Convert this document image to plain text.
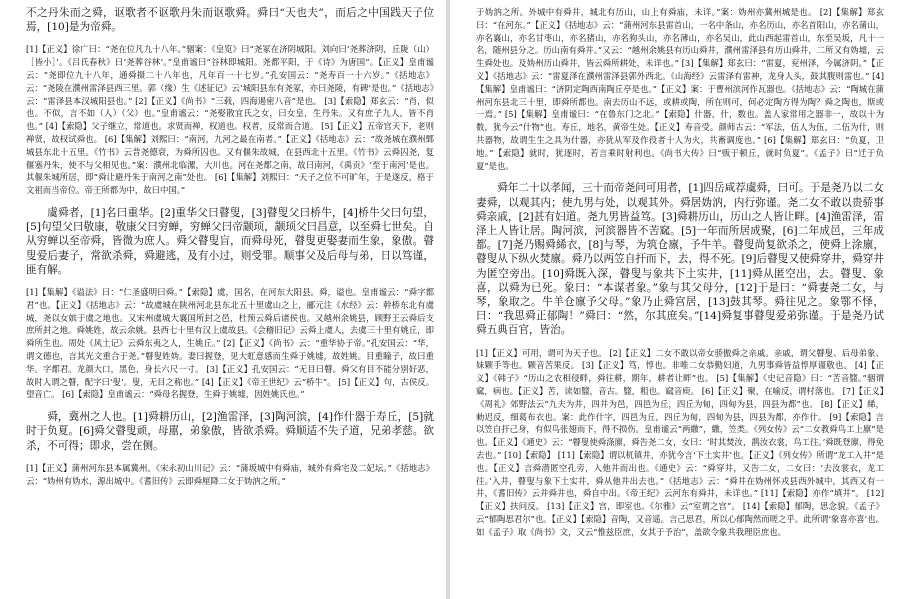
不之丹朱而之舜，讴歌者不讴歌丹朱而讴歌舜。舜曰“天也夫”，而后之中国践天子位焉，[10]是为帝舜。

[1]【正义】徐广曰：“尧在位凡九十八年。”骃案：《皇览》曰“尧冢在济阴城阳。刘向曰‘尧葬济阴，丘陇（山）［皆小］’。《吕氏春秋》曰‘尧葬谷林’。”皇甫谧曰“谷林即城阳。尧都平阳，于《诗》为唐国”。【正义】皇甫谧云：“尧即位九十八年，通舜摄二十八年也，凡年百一十七岁。”孔安国云：“尧寿百一十六岁。”《括地志》云：“尧陵在濮州雷泽县西三里。郭（缘）生《述征记》云‘城阳县东有尧冢，亦曰尧陵，有碑’是也。”《括地志》云：“雷泽县本汉城阳县也。” [2]【正义】《尚书》“三载，四海遏密八音”是也。 [3]【索隐】郑玄云：“肖，似也。不似，言不如（人）（父）也。”皇甫谧云：“尧娶散宜氏之女，曰女皇，生丹朱。又有庶子九人，皆不肖也。” [4]【索隐】父子继立，常道也。求贤而禅，权道也。权者，反常而合道。 [5]【正义】五帝官天下，老则禅贤，故权试舜也。 [6]【集解】刘熙曰：“南河，九河之最在南者。”【正义】《括地志》云：“故尧城在濮州鄄城县东北十五里。《竹书》云昔尧德衰，为舜所囚也。又有偃朱故城，在县西北十五里。《竹书》云舜囚尧，复偃塞丹朱，使不与父相见也。”案：濮州北临漯，大川也。河在尧都之南，故曰南河，《禹贡》‘至于南河’是也。其偃朱城所居，即“舜让避丹朱于南河之南”处也。 [6]【集解】刘熙曰：“天子之位不可旷年，于是遂反，格于文祖而当帝位。帝王所都为中，故曰中国。”

虞舜者，[1]名曰重华。[2]重华父曰瞽叟，[3]瞽叟父曰桥牛，[4]桥牛父曰句望，[5]句望父曰敬康，敬康父曰穷蝉，穷蝉父曰帝颛顼，颛顼父曰昌意，以至舜七世矣。自从穷蝉以至帝舜，皆微为庶人。舜父瞽叟盲，而舜母死，瞽叟更娶妻而生象，象傲。瞽叟爱后妻子，常欲杀舜，舜避逃，及有小过，则受罪。顺事父及后母与弟，日以笃谨，匪有解。

[1]【集解】《谥法》曰：“仁圣盛明曰舜。”【索隐】虞，国名，在河东大阳县。舜，谥也。皇甫谧云：“舜字都君”也。【正义】《括地志》云：“故虞城在陕州河北县东北五十里虞山之上，郦元注《水经》云：幹桥东北有虞城，尧以女嫔于虞之地也。又宋州虞城大襄国所封之邑，杜预云舜后诸侯也。又越州余姚县，顾野王云舜后支庶所封之地。舜姚姓，故云余姚。县西七十里有汉上虞故县。《会稽旧记》云舜上虞人，去虞三十里有姚丘，即舜所生也。周处《风土记》云舜东夷之人，生姚丘。” [2]【正义】《尚书》云：“重华协于帝。”孔安国云：“华，谓文德也，言其光文重合于尧。”瞽叟姓妫。妻曰握登，见大虹意感而生舜于姚墟，故姓姚。目重瞳子，故曰重华。字都君。龙颜大口，黑色，身长六尺一寸。 [3]【正义】孔安国云：“无目曰瞽。舜父有目不能分别好恶，故时人谓之瞽，配字曰‘叟’。叟，无目之称也。” [4]【正义】《帝王世纪》云“桥牛”。 [5]【正义】句，古侯反。望音亡。 [6]【索隐】皇甫谧云：“舜母名握登，生舜于姚墟，因姓姚氏也。”

舜，冀州之人也。[1]舜耕历山，[2]渔雷泽，[3]陶河滨，[4]作什器于寿丘，[5]就时于负夏。[6]舜父瞽叟顽，母嚚，弟象傲，皆欲杀舜。舜顺适不失子道，兄弟孝慈。欲杀，不可得；即求，尝在侧。

[1]【正义】蒲州河东县本属冀州。《宋永初山川记》云：“蒲坂城中有舜庙，城外有舜宅及二妃坛。”《括地志》云：“妫州有妫水，源出城中。《耆旧传》云即舜厘降二女于妫汭之所。”

于妫汭之所。外城中有舜井，城北有历山，山上有舜庙，未详。”案：妫州亦冀州城是也。 [2]【集解】郑玄曰：“在河东。”【正义】《括地志》云：“蒲州河东县雷首山，一名中条山，亦名历山，亦名首阳山，亦名蒲山，亦名襄山，亦名甘枣山，亦名猪山，亦名狗头山，亦名薄山，亦名吴山，此山西起雷首山，东至吴坂，凡十一名，随州县分之。历山南有舜井。”又云：“越州余姚县有历山舜井，濮州雷泽县有历山舜井，二所又有妫墟，云生舜处也。及妫州历山舜井，皆云舜所耕处，未详也。” [3]【集解】郑玄曰：“雷夏，兖州泽，今属济阴。”【正义】《括地志》云：“雷夏泽在濮州雷泽县郭外西北。《山海经》云雷泽有雷神，龙身人头，鼓其腹则雷也。” [4]【集解】皇甫谧曰：“济阴定陶西南陶丘亭是也。”【正义】案：于曹州滨河作瓦器也。《括地志》云：“陶城在蒲州河东县北三十里，即舜所都也。南去历山不远，或耕或陶，所在则可，何必定陶方得为陶？舜之陶也，斯或一焉。” [5]【集解】皇甫谧曰：“在鲁东门之北。”【索隐】什器，什，数也。盖人家常用之器非一，故以十为数，犹今云“什物”也。寿丘，地名，黄帝生处。【正义】寿音受。颜师古云：“军法，伍人为伍，二伍为什，则共器物，故谓生生之具为什器，亦犹从军及作役者十人为火，共畜调度也。” [6]【集解】郑玄曰：“负夏，卫地。”【索隐】就时，犹逐时，若言乘时射利也。《尚书大传》曰“贩于顿丘，就时负夏”。《孟子》曰“迁于负夏”是也。

舜年二十以孝闻，三十而帝尧问可用者，[1]四岳咸荐虞舜，曰可。于是尧乃以二女妻舜，以观其内；使九男与处，以观其外。舜居妫汭，内行弥谨。尧二女不敢以贵骄事舜亲戚，[2]甚有妇道。尧九男皆益笃。[3]舜耕历山，历山之人皆让畔。[4]渔雷泽，雷泽上人皆让居。陶河滨，河滨器皆不苦窳。[5]一年而所居成聚，[6]二年成邑，三年成都。[7]尧乃赐舜絺衣，[8]与琴，为筑仓廪，予牛羊。瞽叟尚复欲杀之，使舜上涂廪，瞽叟从下纵火焚廪。舜乃以两笠自扞而下，去，得不死。[9]后瞽叟又使舜穿井，舜穿井为匿空旁出。[10]舜既入深，瞽叟与象共下土实井，[11]舜从匿空出，去。瞽叟、象喜，以舜为已死。象曰：“本谋者象。”象与其父母分，[12]于是曰：“舜妻尧二女，与琴，象取之。牛羊仓廪予父母。”象乃止舜宫居，[13]鼓其琴。舜往见之。象鄂不怿，曰：“我思舜正郁陶！”舜曰：“然，尔其庶矣。”[14]舜复事瞽叟爱弟弥谨。于是尧乃试舜五典百官，皆治。

[1]【正义】可用，谓可为天子也。 [2]【正义】二女不敢以帝女骄傲舜之亲戚。亲戚，谓父瞽叟、后母弟象、妹颗手等也。颗音苦果反。 [3]【正义】笃，惇也。非唯二女恭勤妇道，九男事舜皆益惇厚谨敬也。 [4]【正义】《韩子》“历山之农相侵畔，舜往耕，期年，耕者让畔”也。 [5]【集解】《史记音隐》曰：“苦音盬。”骃谓窳，病也。【正义】苦，读如盬，音古。盬，粗也。窳音庾。 [6]【正义】聚，在喻反，谓村落也。 [7]【正义】《周礼》郊野法云“九夫为井，四井为邑，四邑为丘，四丘为甸，四甸为县，四县为都”也。 [8]【正义】絺，勅迟反，细葛布衣也。案：此作什字，四邑为丘，四丘为甸，四甸为县，四县为都，亦作什。 [9]【索隐】言以笠自扞己身，有似鸟张翅而下，得不损伤。皇甫谧云“两繖”，繖，笠类。《列女传》云“二女教舜鸟工上廪”是也。【正义】《通史》云：“瞽叟使舜涤廪，舜告尧二女，女曰：‘时其焚汝，鹊汝衣裳，鸟工往。’舜既登廪，得免去也。” [10]【索隐】 [11]【索隐】谓以杌镇井，亦犹今言‘下土实井’也。【正义】《列女传》所谓“龙工入井”是也。【正义】言舜潜匿空孔旁，入他井而出也。《通史》云：“舜穿井，又告二女，二女曰：‘去汝裳衣，龙工往。’入井，瞽叟与象下土实井，舜从他井出去也。”《括地志》云：“舜井在妫州怀戎县西外城中，其西又有一井，《耆旧传》云并舜井也，舜自中出。《帝王纪》云河东有舜井，未详也。” [11]【索隐】亦作“填井”。 [12]【正义】扶问反。 [13]【正义】宫，即室也。《尔雅》云“室谓之宫”。 [14]【索隐】郁陶，思念貌。《孟子》云“郁陶思君尔”也。【正义】【索隐】音陶，又音遥。言己思君，所以心郁陶然而嗟之乎。此所谓‘象喜亦喜’也。如《孟子》取《尚书》文，又云“惟兹臣庶，女其于予治”，盖欲令象共我理臣庶也。
